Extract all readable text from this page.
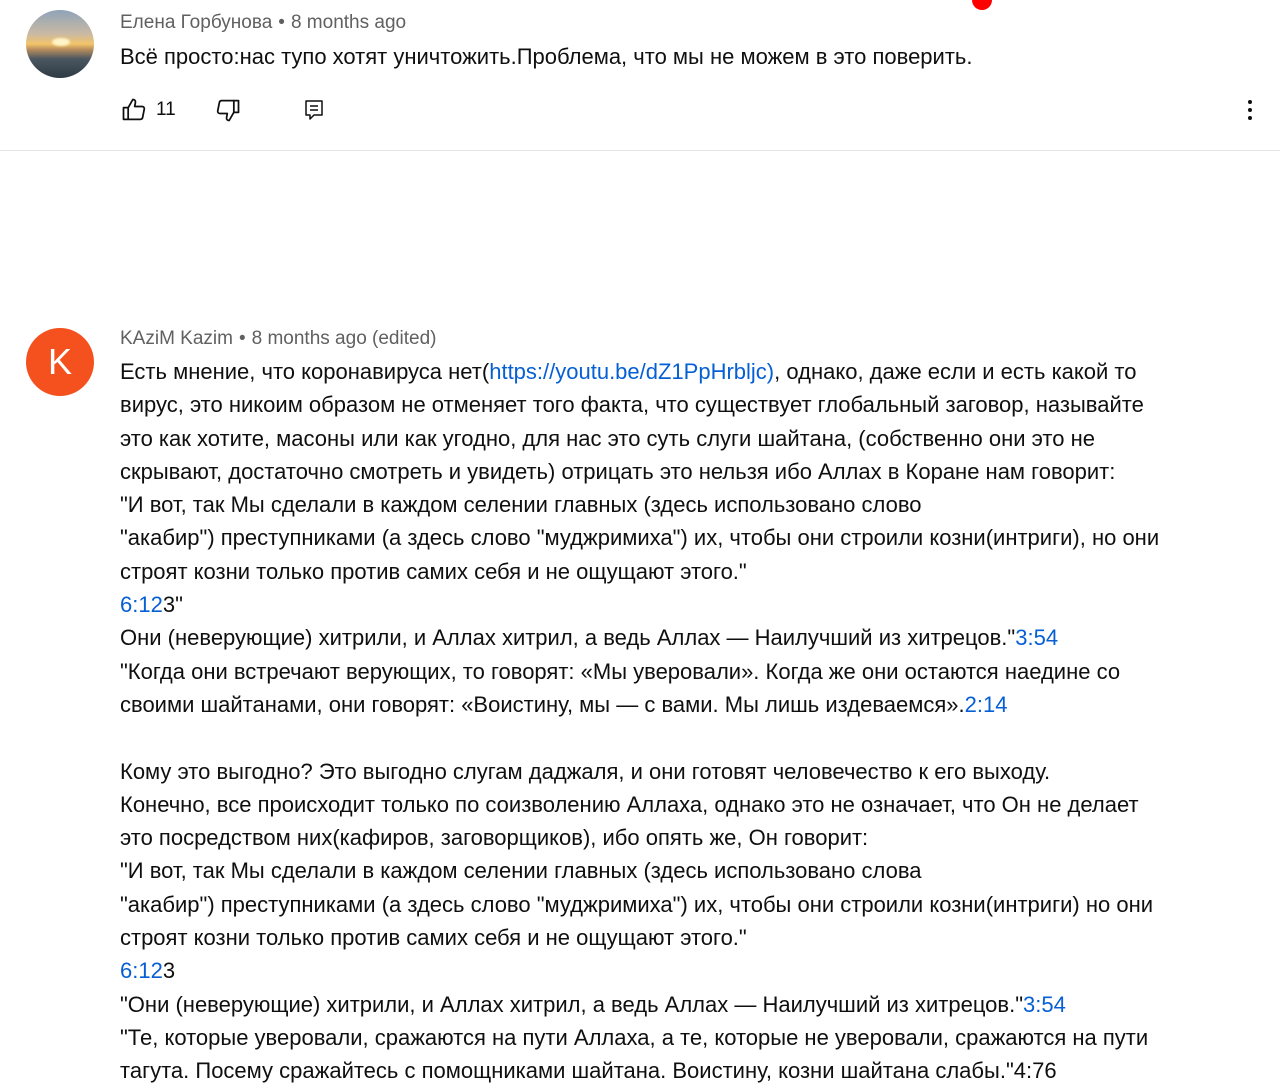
Елена Горбунова • 8 months ago
Всё просто:нас тупо хотят уничтожить.Проблема, что мы не можем в это поверить.
11
K
KAziM Kazim • 8 months ago (edited)
Есть мнение, что коронавируса нет(https://youtu.be/dZ1PpHrbljc), однако, даже если и есть какой то
вирус, это никоим образом не отменяет того факта, что существует глобальный заговор, называйте
это как хотите, масоны или как угодно, для нас это суть слуги шайтана, (собственно они это не
скрывают, достаточно смотреть и увидеть) отрицать это нельзя ибо Аллах в Коране нам говорит:
"И вот, так Мы сделали в каждом селении главных (здесь использовано слово
"акабир") преступниками (а здесь слово "муджримиха") их, чтобы они строили козни(интриги), но они
строят козни только против самих себя и не ощущают этого."
6:123"
Они (неверующие) хитрили, и Аллах хитрил, а ведь Аллах — Наилучший из хитрецов."3:54
"Когда они встречают верующих, то говорят: «Мы уверовали». Когда же они остаются наедине со
своими шайтанами, они говорят: «Воистину, мы — с вами. Мы лишь издеваемся».2:14
Кому это выгодно? Это выгодно слугам даджаля, и они готовят человечество к его выходу.
Конечно, все происходит только по соизволению Аллаха, однако это не означает, что Он не делает
это посредством них(кафиров, заговорщиков), ибо опять же, Он говорит:
"И вот, так Мы сделали в каждом селении главных (здесь использовано слова
"акабир") преступниками (а здесь слово "муджримиха") их, чтобы они строили козни(интриги) но они
строят козни только против самих себя и не ощущают этого."
6:123
"Они (неверующие) хитрили, и Аллах хитрил, а ведь Аллах — Наилучший из хитрецов."3:54
"Те, которые уверовали, сражаются на пути Аллаха, а те, которые не уверовали, сражаются на пути
тагута. Посему сражайтесь с помощниками шайтана. Воистину, козни шайтана слабы."4:76
